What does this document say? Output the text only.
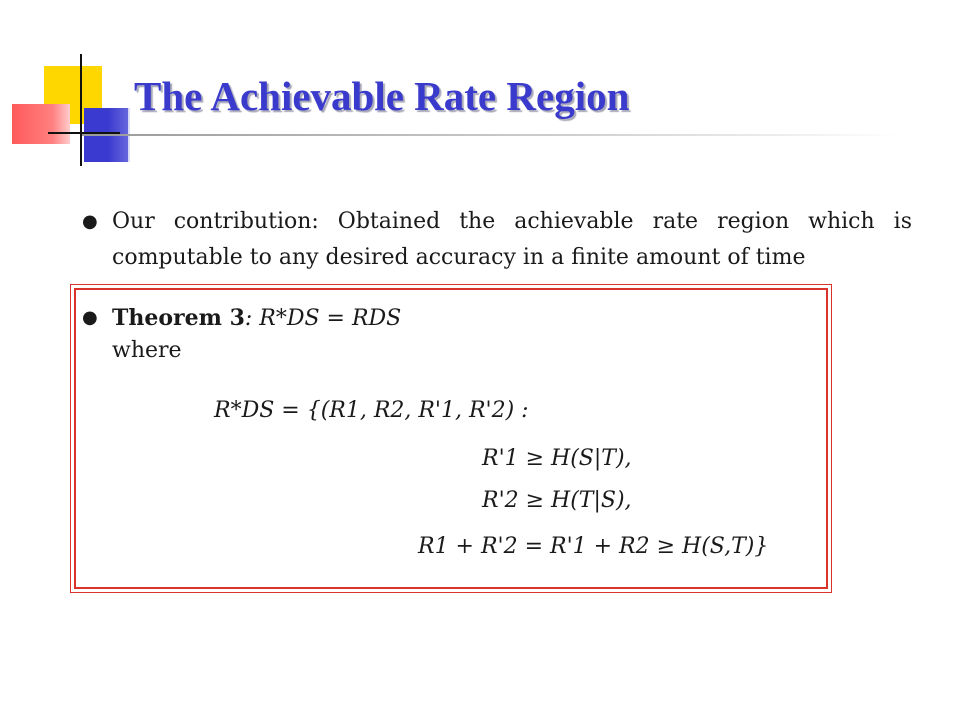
The Achievable Rate Region
● Our contribution: Obtained the achievable rate region which is computable to any desired accuracy in a finite amount of time
● Theorem 3: R*DS = RDS
where
R*DS = {(R1, R2, R'1, R'2) :
R'1 ≥ H(S|T),
R'2 ≥ H(T|S),
R1 + R'2 = R'1 + R2 ≥ H(S,T)}
